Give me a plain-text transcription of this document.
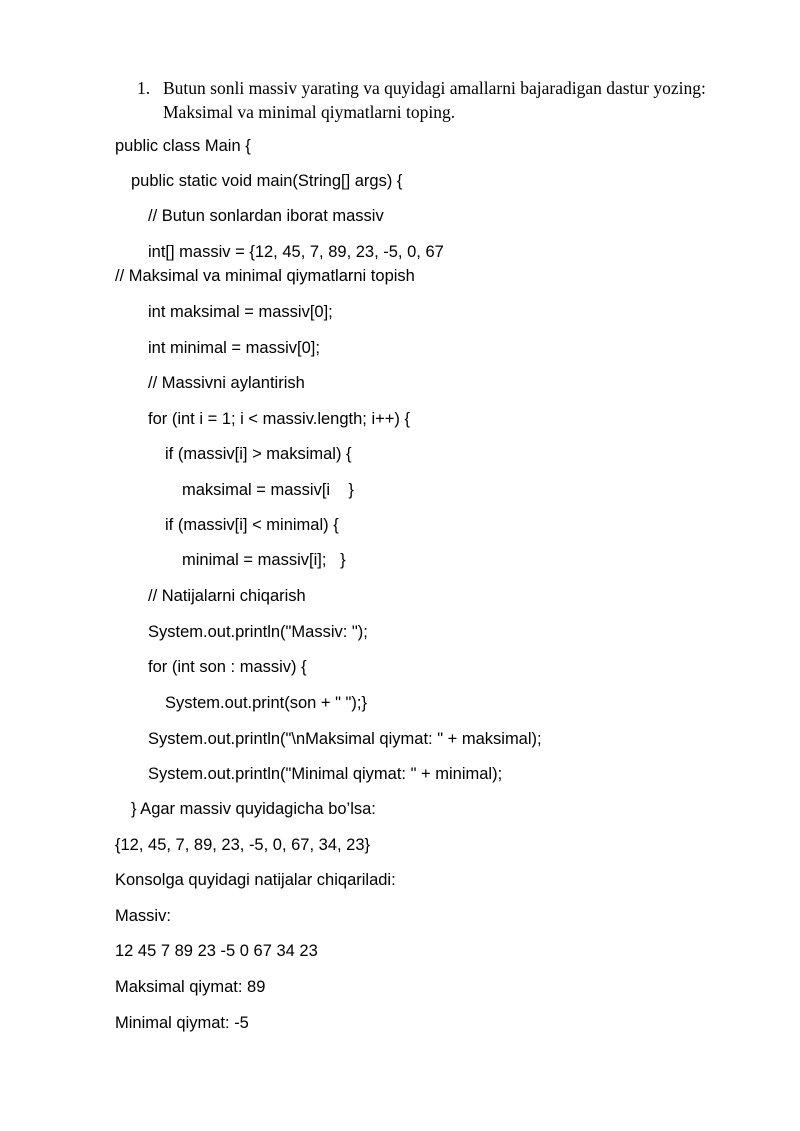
1. Butun sonli massiv yarating va quyidagi amallarni bajaradigan dastur yozing:
Maksimal va minimal qiymatlarni toping.
public class Main {
public static void main(String[] args) {
// Butun sonlardan iborat massiv
int[] massiv = {12, 45, 7, 89, 23, -5, 0, 67
// Maksimal va minimal qiymatlarni topish
int maksimal = massiv[0];
int minimal = massiv[0];
// Massivni aylantirish
for (int i = 1; i < massiv.length; i++) {
if (massiv[i] > maksimal) {
maksimal = massiv[i    }
if (massiv[i] < minimal) {
minimal = massiv[i];   }
// Natijalarni chiqarish
System.out.println("Massiv: ");
for (int son : massiv) {
System.out.print(son + " ");}
System.out.println("\nMaksimal qiymat: " + maksimal);
System.out.println("Minimal qiymat: " + minimal);
} Agar massiv quyidagicha bo’lsa:
{12, 45, 7, 89, 23, -5, 0, 67, 34, 23}
Konsolga quyidagi natijalar chiqariladi:
Massiv:
12 45 7 89 23 -5 0 67 34 23
Maksimal qiymat: 89
Minimal qiymat: -5
